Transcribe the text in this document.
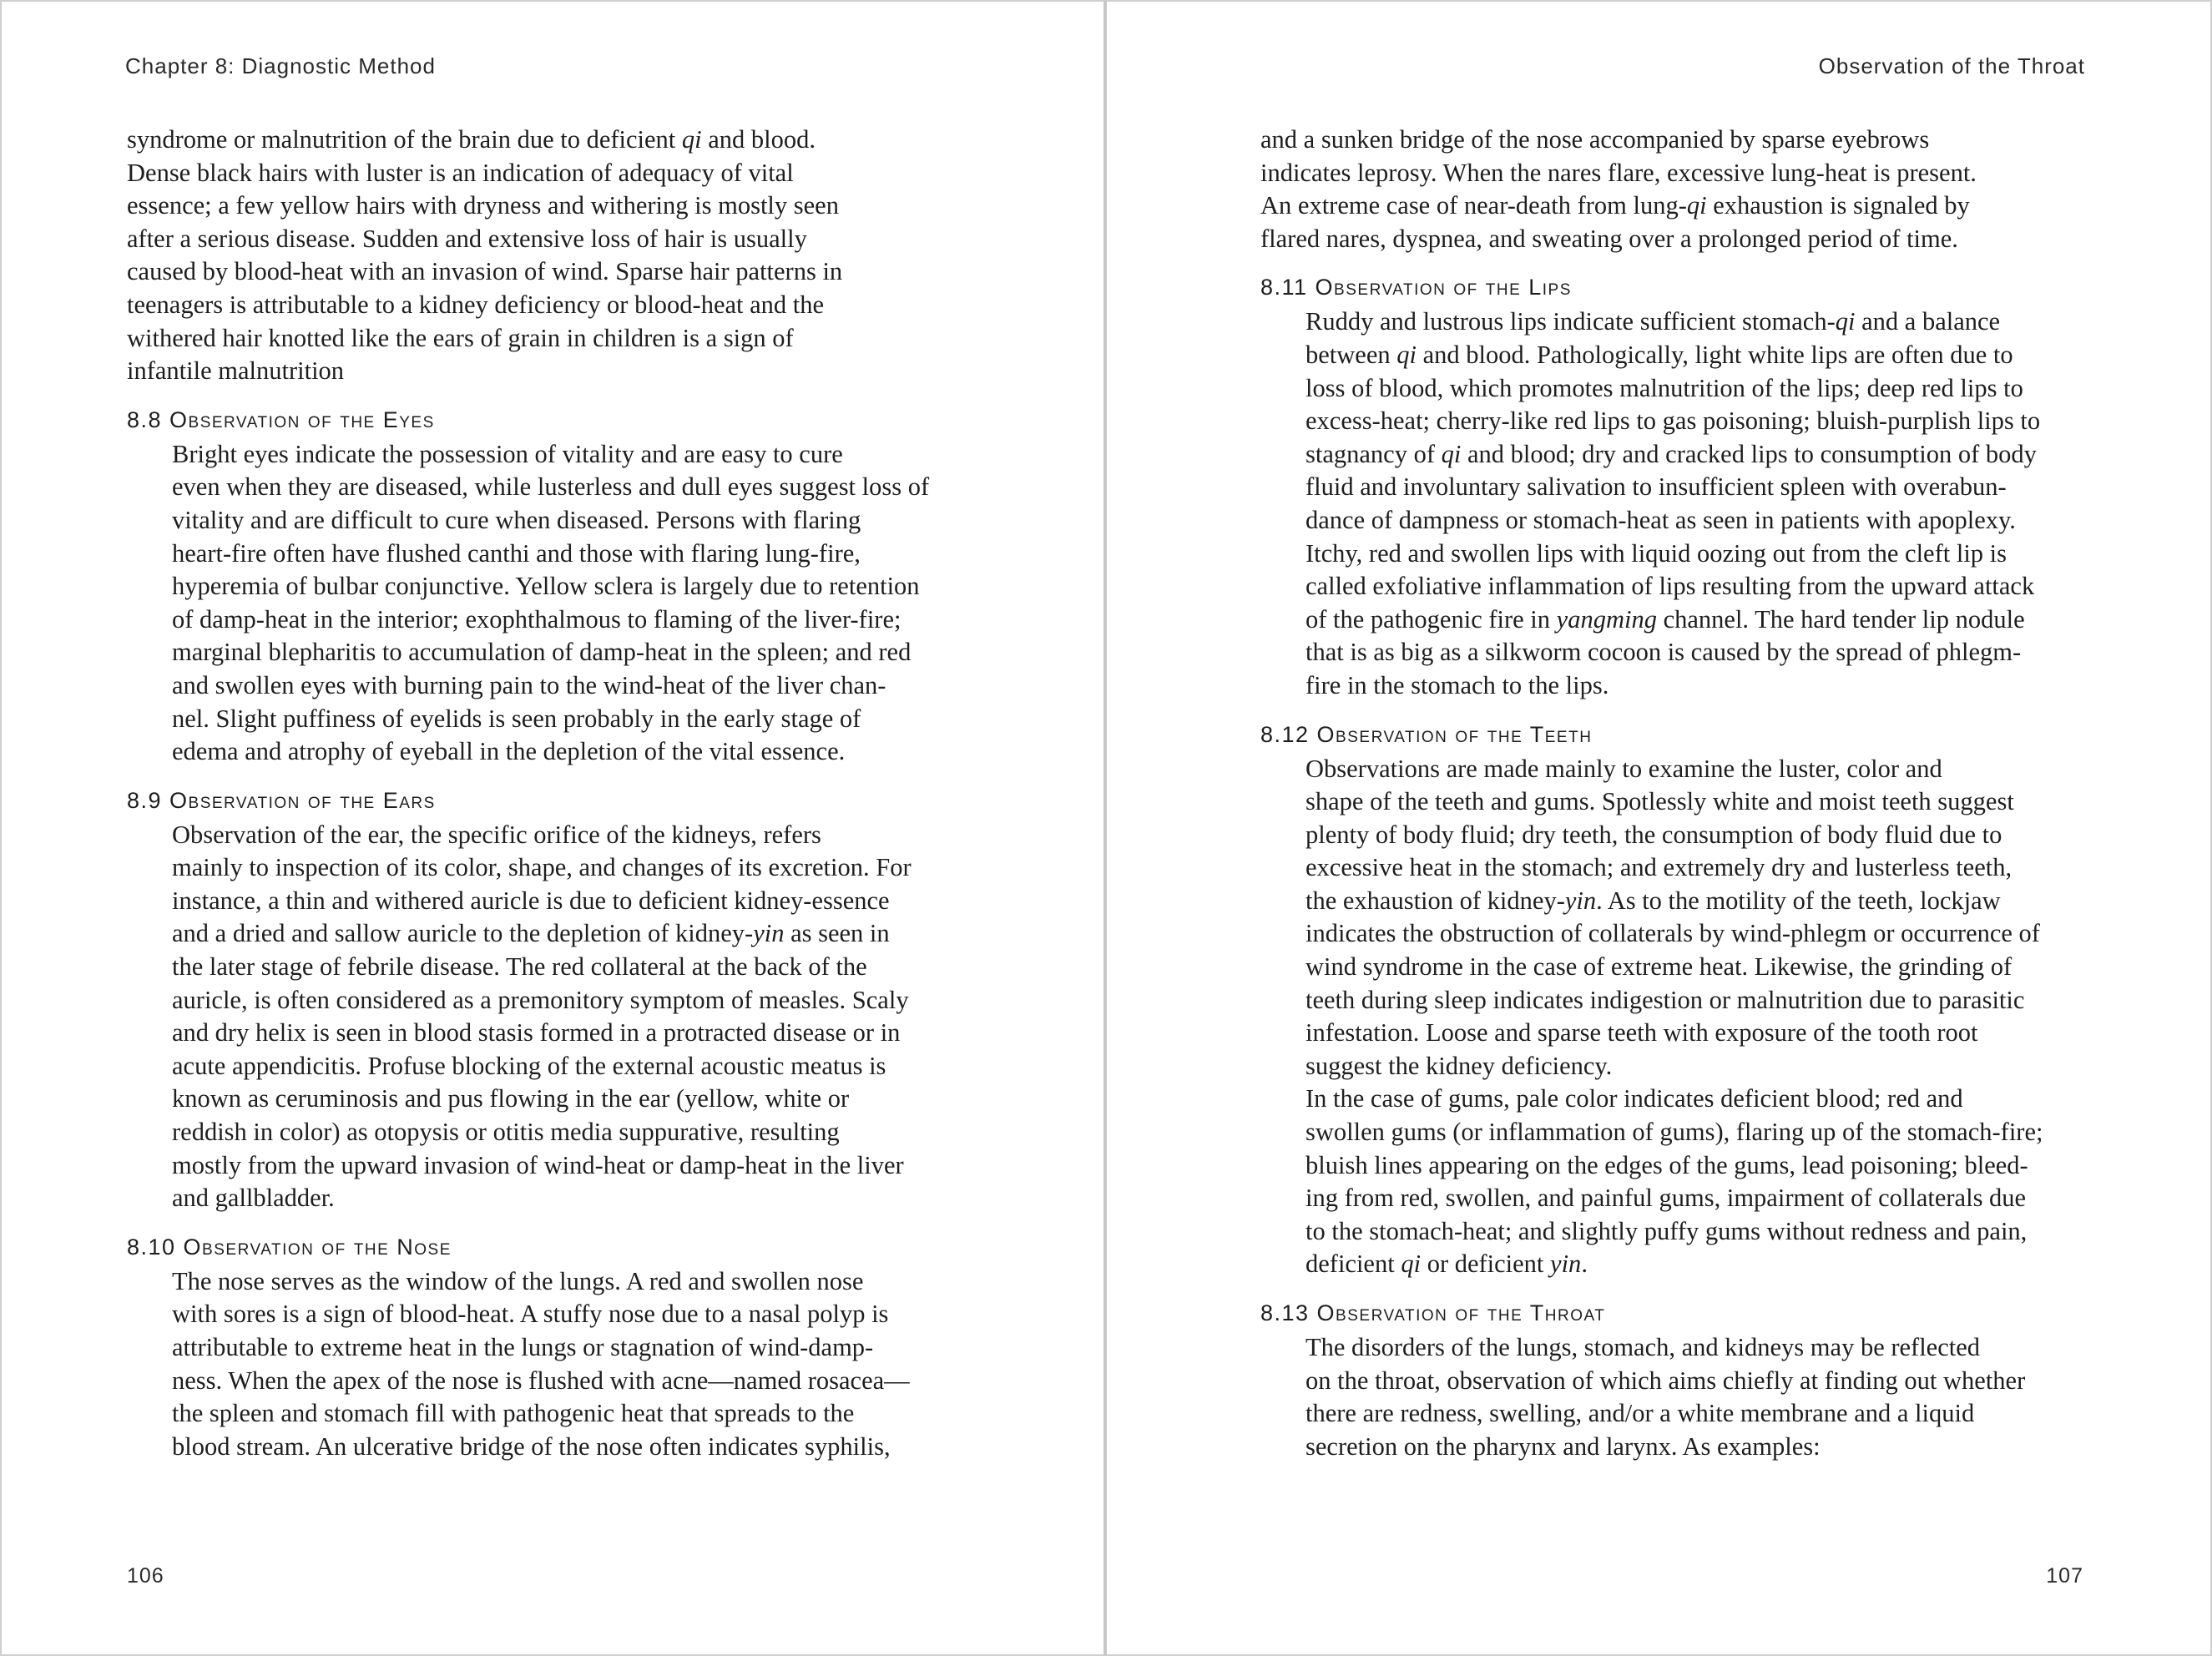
Chapter 8: Diagnostic Method

syndrome or malnutrition of the brain due to deficient qi and blood.
Dense black hairs with luster is an indication of adequacy of vital
essence; a few yellow hairs with dryness and withering is mostly seen
after a serious disease. Sudden and extensive loss of hair is usually
caused by blood-heat with an invasion of wind. Sparse hair patterns in
teenagers is attributable to a kidney deficiency or blood-heat and the
withered hair knotted like the ears of grain in children is a sign of
infantile malnutrition

8.8 Observation of the Eyes

Bright eyes indicate the possession of vitality and are easy to cure
even when they are diseased, while lusterless and dull eyes suggest loss of
vitality and are difficult to cure when diseased. Persons with flaring
heart-fire often have flushed canthi and those with flaring lung-fire,
hyperemia of bulbar conjunctive. Yellow sclera is largely due to retention
of damp-heat in the interior; exophthalmous to flaming of the liver-fire;
marginal blepharitis to accumulation of damp-heat in the spleen; and red
and swollen eyes with burning pain to the wind-heat of the liver chan-
nel. Slight puffiness of eyelids is seen probably in the early stage of
edema and atrophy of eyeball in the depletion of the vital essence.

8.9 Observation of the Ears

Observation of the ear, the specific orifice of the kidneys, refers
mainly to inspection of its color, shape, and changes of its excretion. For
instance, a thin and withered auricle is due to deficient kidney-essence
and a dried and sallow auricle to the depletion of kidney-yin as seen in
the later stage of febrile disease. The red collateral at the back of the
auricle, is often considered as a premonitory symptom of measles. Scaly
and dry helix is seen in blood stasis formed in a protracted disease or in
acute appendicitis. Profuse blocking of the external acoustic meatus is
known as ceruminosis and pus flowing in the ear (yellow, white or
reddish in color) as otopysis or otitis media suppurative, resulting
mostly from the upward invasion of wind-heat or damp-heat in the liver
and gallbladder.

8.10 Observation of the Nose

The nose serves as the window of the lungs. A red and swollen nose
with sores is a sign of blood-heat. A stuffy nose due to a nasal polyp is
attributable to extreme heat in the lungs or stagnation of wind-damp-
ness. When the apex of the nose is flushed with acne—named rosacea—
the spleen and stomach fill with pathogenic heat that spreads to the
blood stream. An ulcerative bridge of the nose often indicates syphilis,

106
Observation of the Throat

and a sunken bridge of the nose accompanied by sparse eyebrows
indicates leprosy. When the nares flare, excessive lung-heat is present.
An extreme case of near-death from lung-qi exhaustion is signaled by
flared nares, dyspnea, and sweating over a prolonged period of time.

8.11 Observation of the Lips

Ruddy and lustrous lips indicate sufficient stomach-qi and a balance
between qi and blood. Pathologically, light white lips are often due to
loss of blood, which promotes malnutrition of the lips; deep red lips to
excess-heat; cherry-like red lips to gas poisoning; bluish-purplish lips to
stagnancy of qi and blood; dry and cracked lips to consumption of body
fluid and involuntary salivation to insufficient spleen with overabun-
dance of dampness or stomach-heat as seen in patients with apoplexy.
Itchy, red and swollen lips with liquid oozing out from the cleft lip is
called exfoliative inflammation of lips resulting from the upward attack
of the pathogenic fire in yangming channel. The hard tender lip nodule
that is as big as a silkworm cocoon is caused by the spread of phlegm-
fire in the stomach to the lips.

8.12 Observation of the Teeth

Observations are made mainly to examine the luster, color and
shape of the teeth and gums. Spotlessly white and moist teeth suggest
plenty of body fluid; dry teeth, the consumption of body fluid due to
excessive heat in the stomach; and extremely dry and lusterless teeth,
the exhaustion of kidney-yin. As to the motility of the teeth, lockjaw
indicates the obstruction of collaterals by wind-phlegm or occurrence of
wind syndrome in the case of extreme heat. Likewise, the grinding of
teeth during sleep indicates indigestion or malnutrition due to parasitic
infestation. Loose and sparse teeth with exposure of the tooth root
suggest the kidney deficiency.

In the case of gums, pale color indicates deficient blood; red and
swollen gums (or inflammation of gums), flaring up of the stomach-fire;
bluish lines appearing on the edges of the gums, lead poisoning; bleed-
ing from red, swollen, and painful gums, impairment of collaterals due
to the stomach-heat; and slightly puffy gums without redness and pain,
deficient qi or deficient yin.

8.13 Observation of the Throat

The disorders of the lungs, stomach, and kidneys may be reflected
on the throat, observation of which aims chiefly at finding out whether
there are redness, swelling, and/or a white membrane and a liquid
secretion on the pharynx and larynx. As examples:

107
